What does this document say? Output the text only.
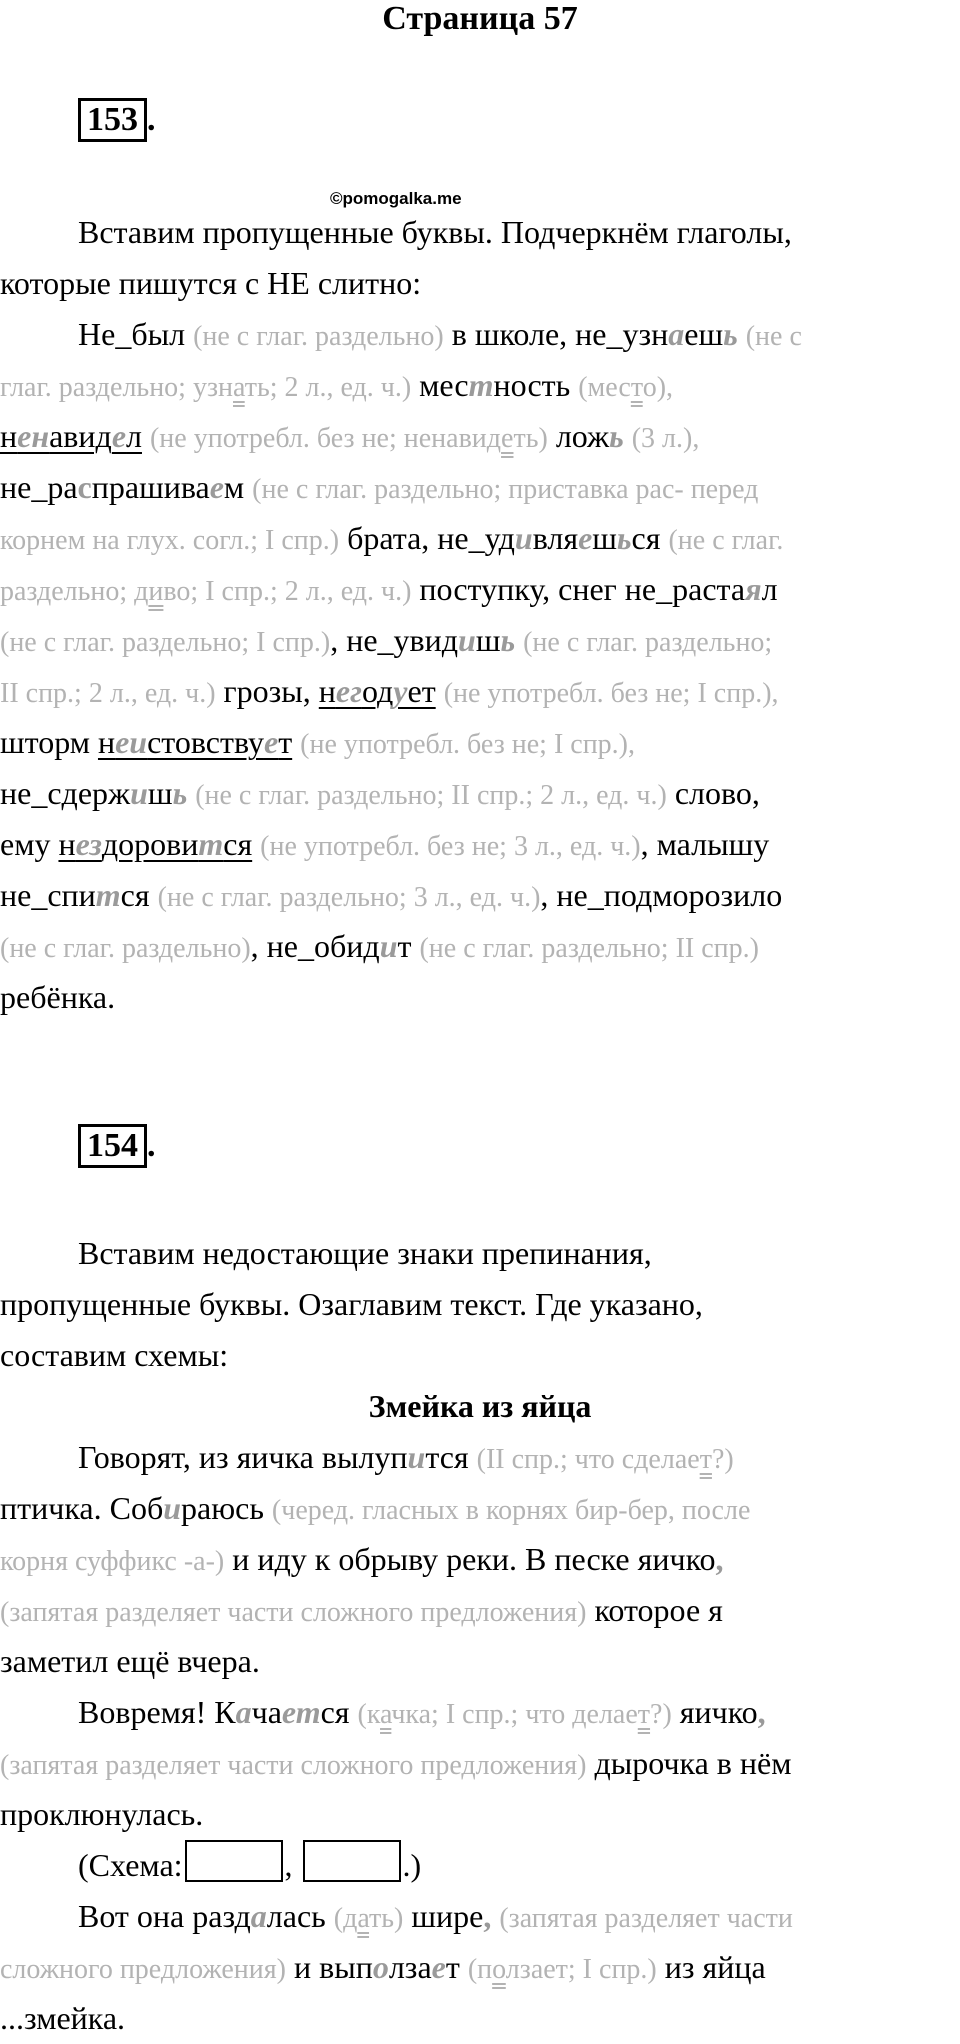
Страница 57
153 .
©pomogalka.me
Вставим пропущенные буквы. Подчеркнём глаголы,
которые пишутся с НЕ слитно:
Не_был (не с глаг. раздельно) в школе, не_узнаешь (не с
глаг. раздельно; узнать; 2 л., ед. ч.) местность (место),
ненавидел (не употребл. без не; ненавидеть) ложь (3 л.),
не_распрашиваем (не с глаг. раздельно; приставка рас- перед
корнем на глух. согл.; I спр.) брата, не_удивляешься (не с глаг.
раздельно; диво; I спр.; 2 л., ед. ч.) поступку, снег не_растаял
(не с глаг. раздельно; I спр.), не_увидишь (не с глаг. раздельно;
II спр.; 2 л., ед. ч.) грозы, негодует (не употребл. без не; I спр.),
шторм неистовствует (не употребл. без не; I спр.),
не_сдержишь (не с глаг. раздельно; II спр.; 2 л., ед. ч.) слово,
ему нездоровится (не употребл. без не; 3 л., ед. ч.), малышу
не_спится (не с глаг. раздельно; 3 л., ед. ч.), не_подморозило
(не с глаг. раздельно), не_обидит (не с глаг. раздельно; II спр.)
ребёнка.
154 .
Вставим недостающие знаки препинания,
пропущенные буквы. Озаглавим текст. Где указано,
составим схемы:
Змейка из яйца
Говорят, из яичка вылупится (II спр.; что сделает?)
птичка. Собираюсь (черед. гласных в корнях бир-бер, после
корня суффикс -а-) и иду к обрыву реки. В песке яичко,
(запятая разделяет части сложного предложения) которое я
заметил ещё вчера.
Вовремя! Качается (качка; I спр.; что делает?) яичко,
(запятая разделяет части сложного предложения) дырочка в нём
проклюнулась.
(Схема:	,	.)
Вот она раздалась (дать) шире, (запятая разделяет части
сложного предложения) и выползает (ползает; I спр.) из яйца
...змейка.
